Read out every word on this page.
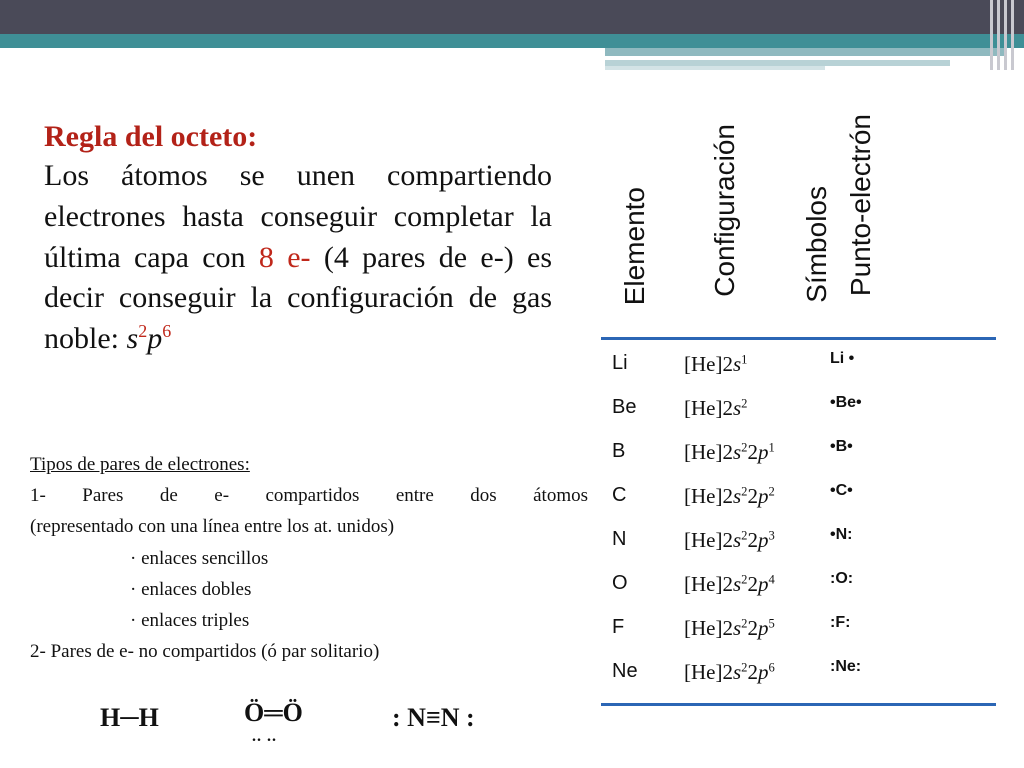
Regla del octeto:
Los átomos se unen compartiendo electrones hasta conseguir completar la última capa con 8 e- (4 pares de e-) es decir conseguir la configuración de gas noble: $s^2p^6$
Tipos de pares de electrones:
1- Pares de e- compartidos entre dos átomos
(representado con una línea entre los at. unidos)
· enlaces sencillos
· enlaces dobles
· enlaces triples
2- Pares de e- no compartidos (ó par solitario)
H─H	Ö═Ö
.. ..
: N≡N :
Elemento Configuración Símbolos Punto-electrón
Li	$[He]2s^1$	Li •
Be $[He]2s^2$	•Be•
B	$[He]2s^22p^1$	•B•
C	$[He]2s^22p^2$	•C•
N	$[He]2s^22p^3$	•N:
O	$[He]2s^22p^4$	:O:
F	$[He]2s^22p^5$	:F:
Ne $[He]2s^22p^6$	:Ne:
